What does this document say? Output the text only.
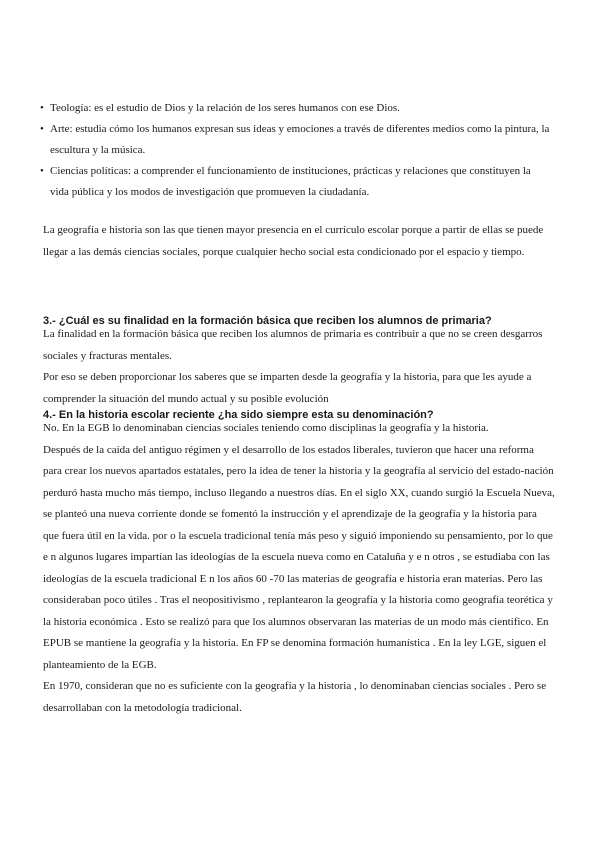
• Teología: es el estudio de Dios y la relación de los seres humanos con ese Dios.

• Arte: estudia cómo los humanos expresan sus ideas y emociones a través de diferentes medios como la pintura, la escultura y la música.

• Ciencias políticas: a comprender el funcionamiento de instituciones, prácticas y relaciones que constituyen la vida pública y los modos de investigación que promueven la ciudadanía.

La geografía e historia son las que tienen mayor presencia en el currículo escolar porque a partir de ellas se puede llegar a las demás ciencias sociales, porque cualquier hecho social esta condicionado por el espacio y tiempo.

3.- ¿Cuál es su finalidad en la formación básica que reciben los alumnos de primaria?

La finalidad en la formación básica que reciben los alumnos de primaria es contribuir a que no se creen desgarros sociales y fracturas mentales.

Por eso se deben proporcionar los saberes que se imparten desde la geografía y la historia, para que les ayude a comprender la situación del mundo actual y su posible evolución

4.- En la historia escolar reciente ¿ha sido siempre esta su denominación?

No. En la EGB lo denominaban ciencias sociales teniendo como disciplinas la geografía y la historia.

Después de la caída del antiguo régimen y el desarrollo de los estados liberales, tuvieron que hacer una reforma para crear los nuevos apartados estatales, pero la idea de tener la historia y la geografía al servicio del estado-nación perduró hasta mucho más tiempo, incluso llegando a nuestros días. En el siglo XX, cuando surgió la Escuela Nueva, se planteó una nueva corriente donde se fomentó la instrucción y el aprendizaje de la geografía y la historia para que fuera útil en la vida. por o la escuela tradicional tenía más peso y siguió imponiendo su pensamiento, por lo que e n algunos lugares impartían las ideologías de la escuela nueva como en Cataluña y e n otros , se estudiaba con las ideologías de la escuela tradicional E n los años 60 -70 las materias de geografía e historia eran materias. Pero las consideraban poco útiles . Tras el neopositivismo , replantearon la geografía y la historia como geografía teorética y la historia económica . Esto se realizó para que los alumnos observaran las materias de un modo más científico. En EPUB se mantiene la geografía y la historia. En FP se denomina formación humanística . En la ley LGE, siguen el planteamiento de la EGB.

En 1970, consideran que no es suficiente con la geografía y la historia , lo denominaban ciencias sociales . Pero se desarrollaban con la metodología tradicional.
